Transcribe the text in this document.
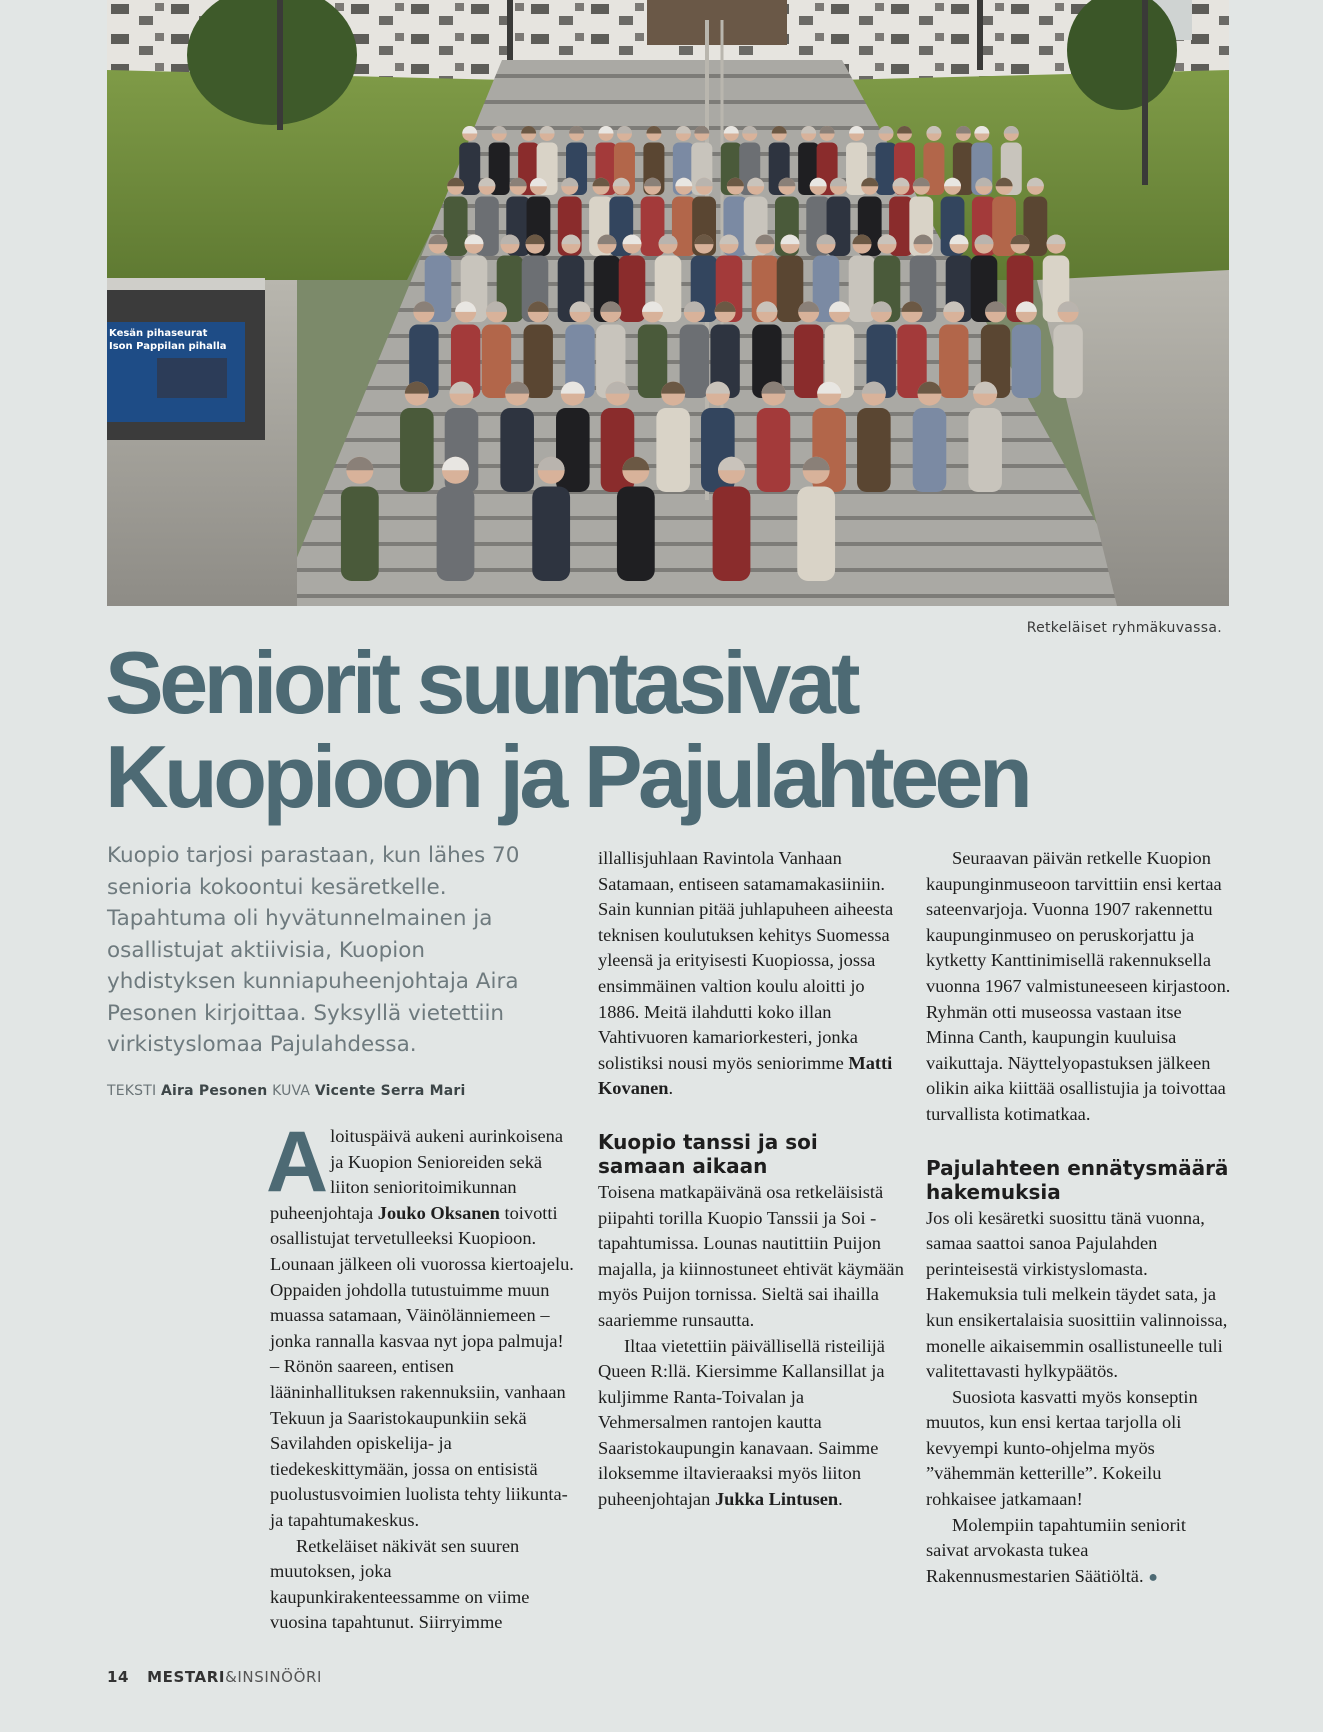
Kesän pihaseurat
Ison Pappilan pihalla
Retkeläiset ryhmäkuvassa.
Seniorit suuntasivat
Kuopioon ja Pajulahteen

Kuopio tarjosi parastaan, kun lähes 70 senioria kokoontui kesäretkelle. Tapahtuma oli hyvätunnelmainen ja osallistujat aktiivisia, Kuopion yhdistyksen kunniapuheenjohtaja Aira Pesonen kirjoittaa. Syksyllä vietettiin virkistyslomaa Pajulahdessa.

TEKSTI Aira Pesonen KUVA Vicente Serra Mari

Aloituspäivä aukeni aurinkoisena ja Kuopion Senioreiden sekä liiton senioritoimikunnan puheenjohtaja Jouko Oksanen toivotti osallistujat tervetulleeksi Kuopioon. Lounaan jälkeen oli vuorossa kiertoajelu. Oppaiden johdolla tutustuimme muun muassa satamaan, Väinölänniemeen – jonka rannalla kasvaa nyt jopa palmuja! – Rönön saareen, entisen lääninhallituksen rakennuksiin, vanhaan Tekuun ja Saaristokaupunkiin sekä Savilahden opiskelija- ja tiedekeskittymään, jossa on entisistä puolustusvoimien luolista tehty liikunta- ja tapahtumakeskus.

Retkeläiset näkivät sen suuren muutoksen, joka kaupunkirakenteessamme on viime vuosina tapahtunut. Siirryimme

illallisjuhlaan Ravintola Vanhaan Satamaan, entiseen satamamakasiiniin. Sain kunnian pitää juhlapuheen aiheesta teknisen koulutuksen kehitys Suomessa yleensä ja erityisesti Kuopiossa, jossa ensimmäinen valtion koulu aloitti jo 1886. Meitä ilahdutti koko illan Vahtivuoren kamariorkesteri, jonka solistiksi nousi myös seniorimme Matti Kovanen.

Kuopio tanssi ja soi samaan aikaan

Toisena matkapäivänä osa retkeläisistä piipahti torilla Kuopio Tanssii ja Soi -tapahtumissa. Lounas nautittiin Puijon majalla, ja kiinnostuneet ehtivät käymään myös Puijon tornissa. Sieltä sai ihailla saariemme runsautta.

Iltaa vietettiin päivällisellä risteilijä Queen R:llä. Kiersimme Kallansillat ja kuljimme Ranta-Toivalan ja Vehmersalmen rantojen kautta Saaristokaupungin kanavaan. Saimme iloksemme iltavieraaksi myös liiton puheenjohtajan Jukka Lintusen.

Seuraavan päivän retkelle Kuopion kaupunginmuseoon tarvittiin ensi kertaa sateenvarjoja. Vuonna 1907 rakennettu kaupunginmuseo on peruskorjattu ja kytketty Kanttinimisellä rakennuksella vuonna 1967 valmistuneeseen kirjastoon. Ryhmän otti museossa vastaan itse Minna Canth, kaupungin kuuluisa vaikuttaja. Näyttelyopastuksen jälkeen olikin aika kiittää osallistujia ja toivottaa turvallista kotimatkaa.

Pajulahteen ennätysmäärä hakemuksia

Jos oli kesäretki suosittu tänä vuonna, samaa saattoi sanoa Pajulahden perinteisestä virkistyslomasta. Hakemuksia tuli melkein täydet sata, ja kun ensikertalaisia suosittiin valinnoissa, monelle aikaisemmin osallistuneelle tuli valitettavasti hylkypäätös.

Suosiota kasvatti myös konseptin muutos, kun ensi kertaa tarjolla oli kevyempi kunto-ohjelma myös ”vähemmän ketterille”. Kokeilu rohkaisee jatkamaan!

Molempiin tapahtumiin seniorit saivat arvokasta tukea Rakennusmestarien Säätiöltä. ●

14 MESTARI&INSINÖÖRI
